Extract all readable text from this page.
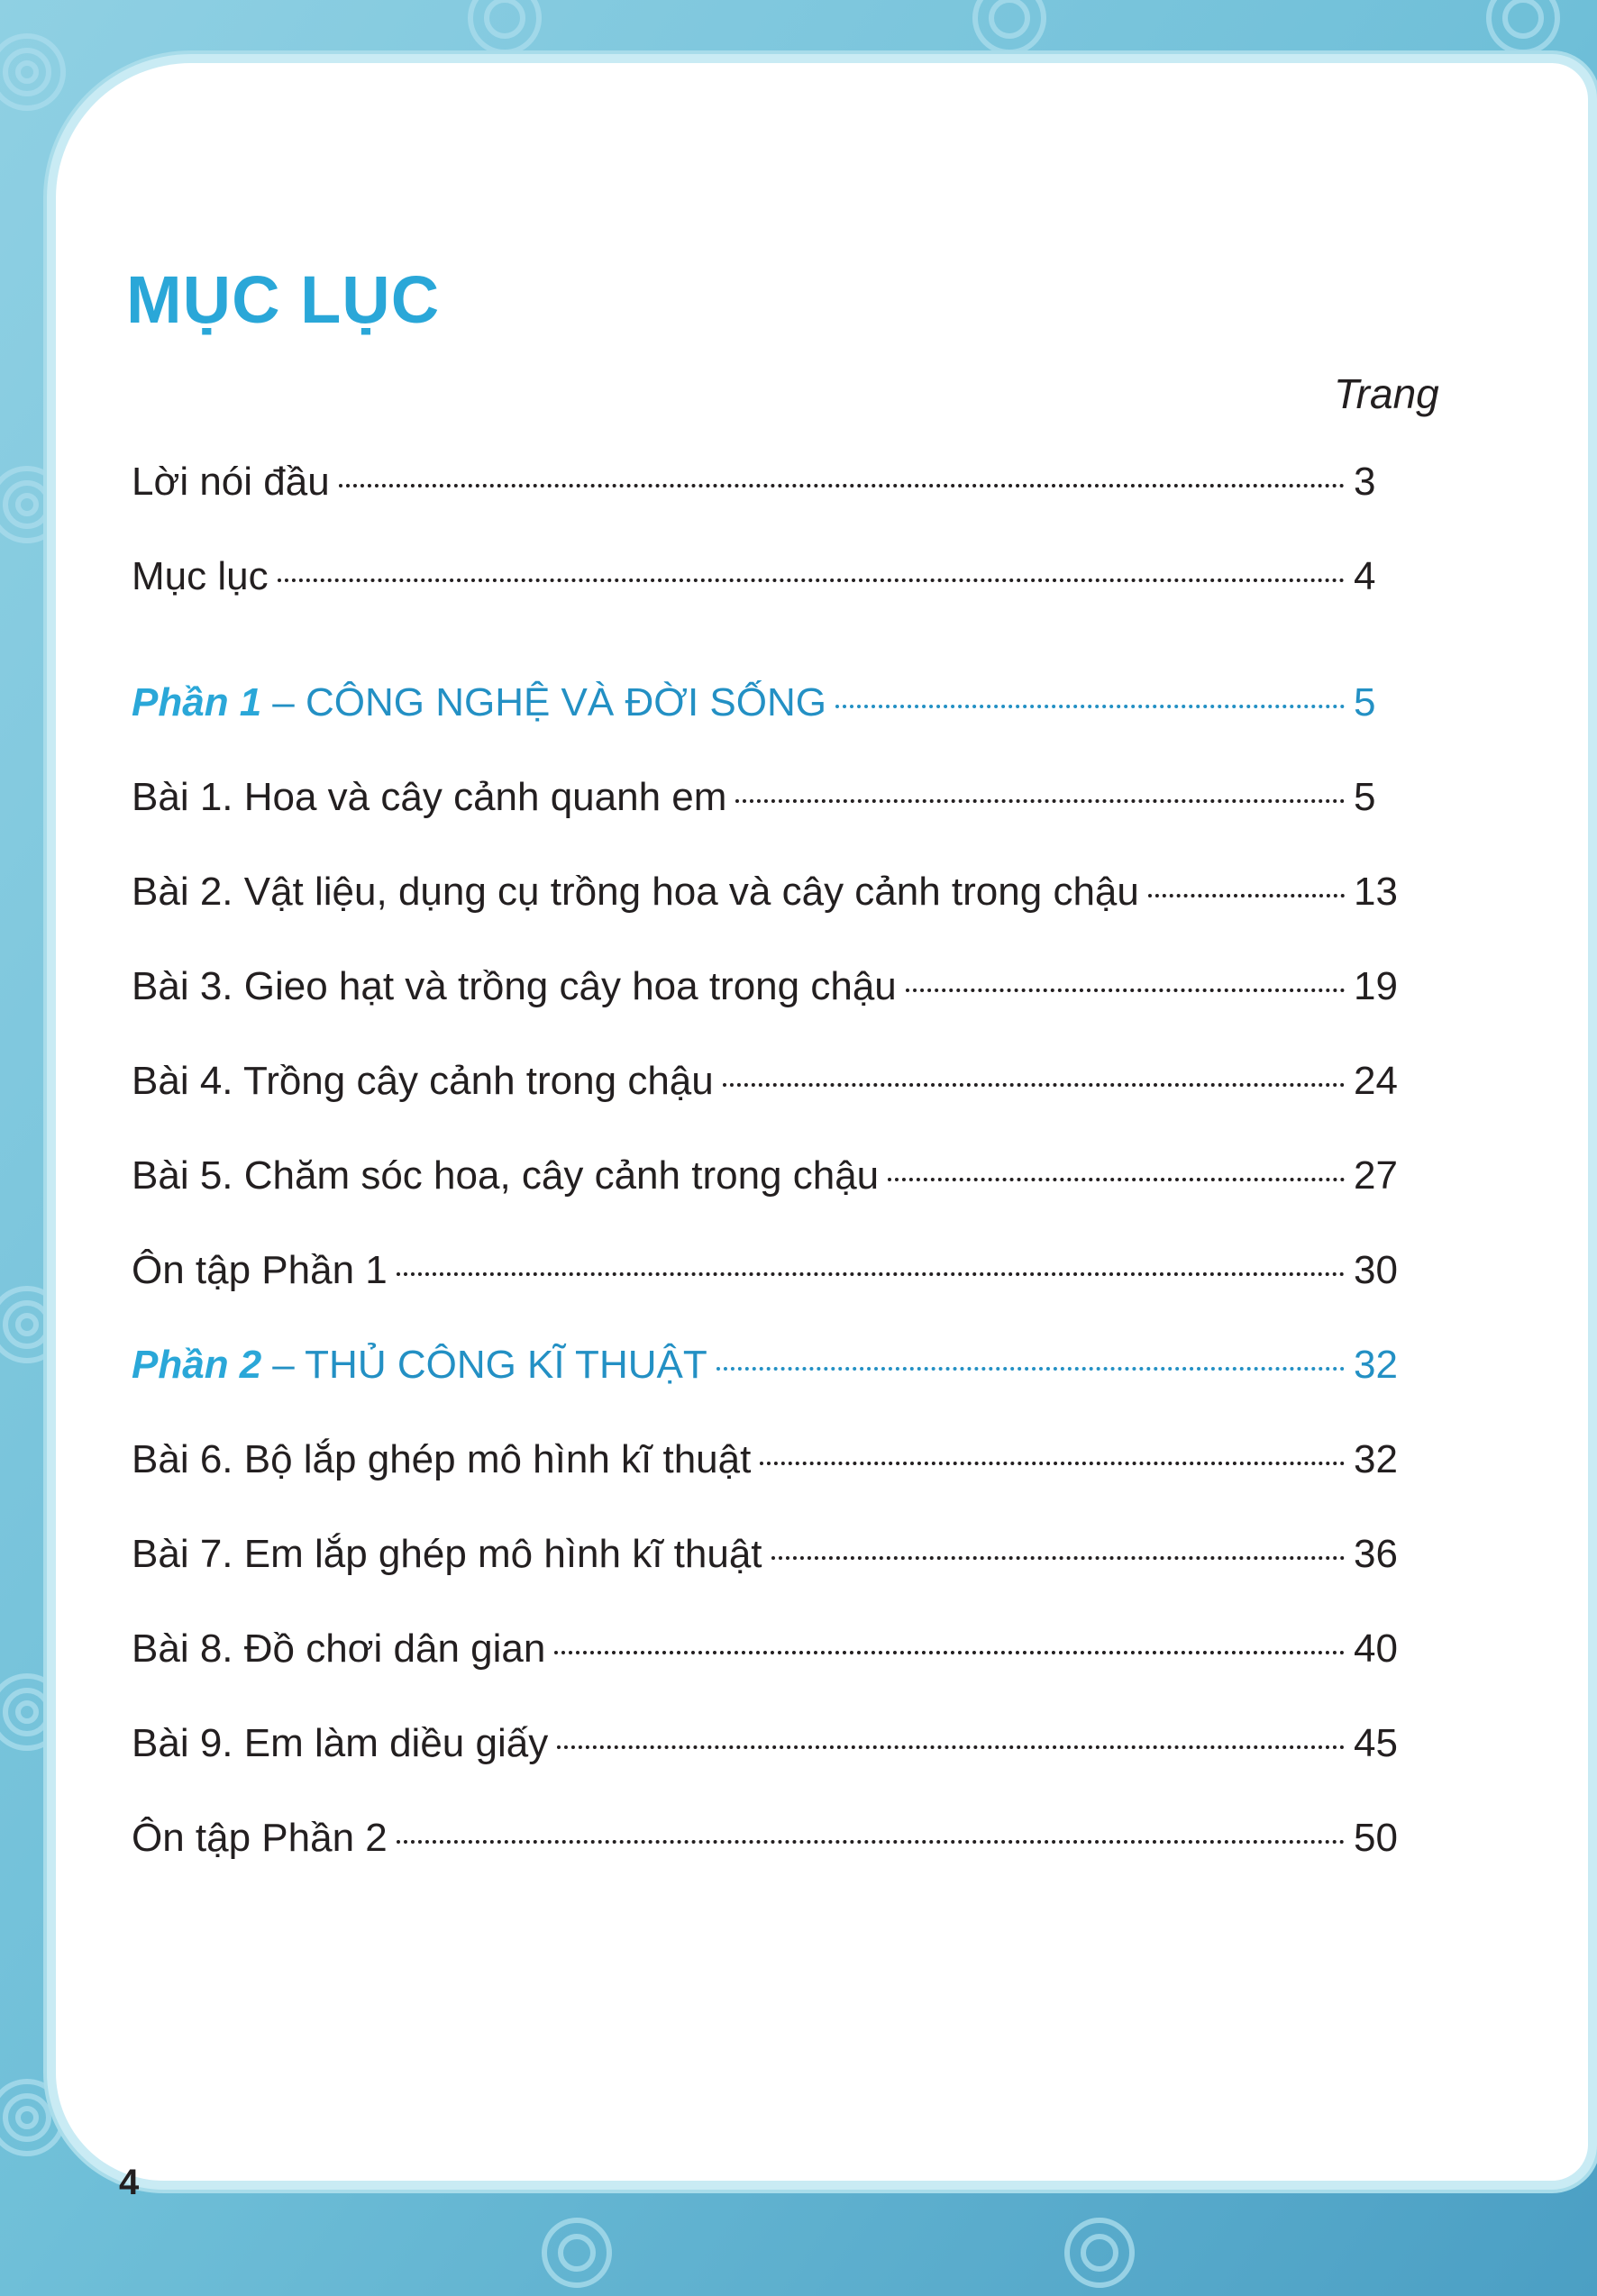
MỤC LỤC
Trang
Lời nói đầu	3
Mục lục	4
Phần 1 – CÔNG NGHỆ VÀ ĐỜI SỐNG	5
Bài 1. Hoa và cây cảnh quanh em	5
Bài 2. Vật liệu, dụng cụ trồng hoa và cây cảnh trong chậu	13
Bài 3. Gieo hạt và trồng cây hoa trong chậu	19
Bài 4. Trồng cây cảnh trong chậu	24
Bài 5. Chăm sóc hoa, cây cảnh trong chậu	27
Ôn tập Phần 1	30
Phần 2 – THỦ CÔNG KĨ THUẬT	32
Bài 6. Bộ lắp ghép mô hình kĩ thuật	32
Bài 7. Em lắp ghép mô hình kĩ thuật	36
Bài 8. Đồ chơi dân gian	40
Bài 9. Em làm diều giấy	45
Ôn tập Phần 2	50
4
